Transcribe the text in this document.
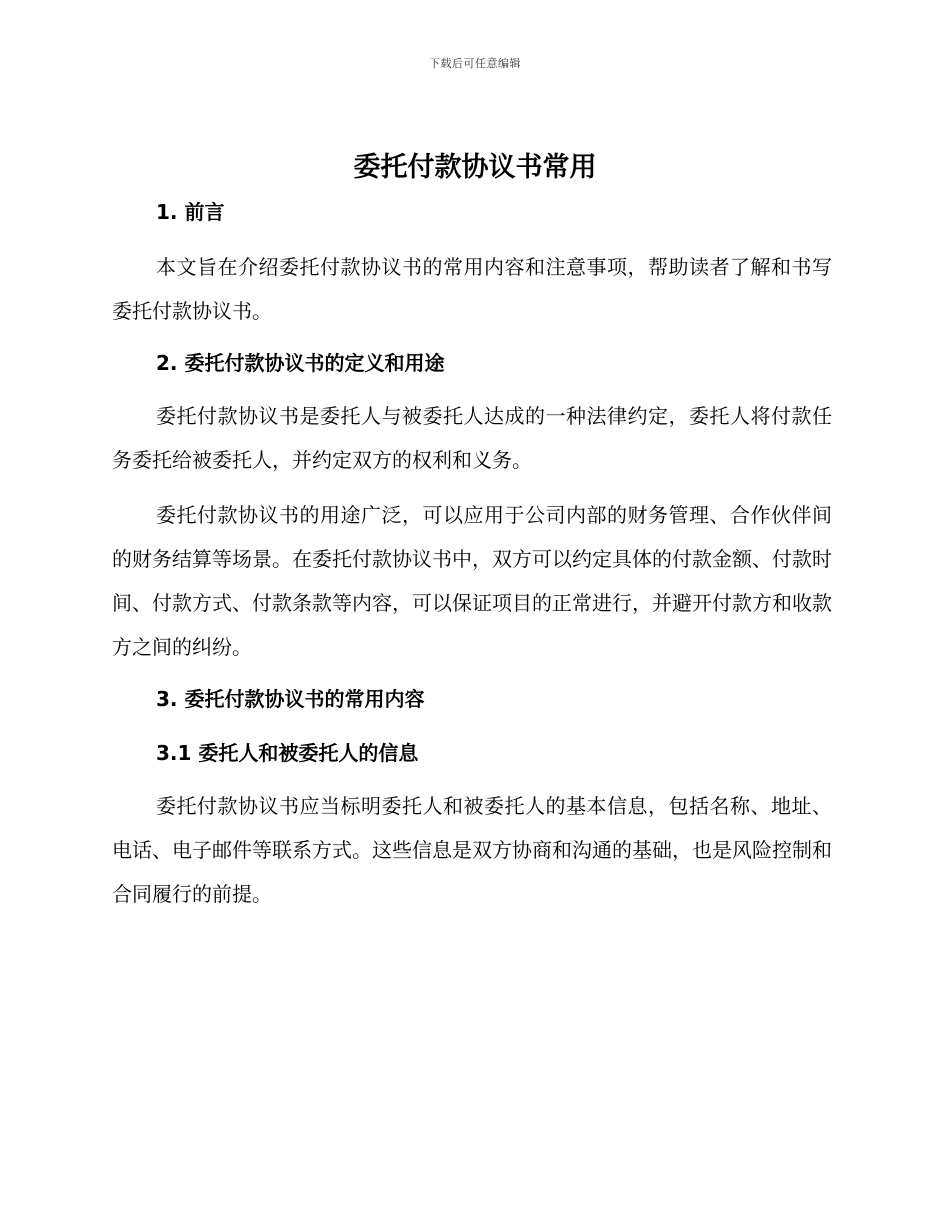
下载后可任意编辑
委托付款协议书常用
1. 前言

本文旨在介绍委托付款协议书的常用内容和注意事项，帮助读者了解和书写委托付款协议书。

2. 委托付款协议书的定义和用途

委托付款协议书是委托人与被委托人达成的一种法律约定，委托人将付款任务委托给被委托人，并约定双方的权利和义务。

委托付款协议书的用途广泛，可以应用于公司内部的财务管理、合作伙伴间的财务结算等场景。在委托付款协议书中，双方可以约定具体的付款金额、付款时间、付款方式、付款条款等内容，可以保证项目的正常进行，并避开付款方和收款方之间的纠纷。

3. 委托付款协议书的常用内容
3.1 委托人和被委托人的信息

委托付款协议书应当标明委托人和被委托人的基本信息，包括名称、地址、电话、电子邮件等联系方式。这些信息是双方协商和沟通的基础，也是风险控制和合同履行的前提。
